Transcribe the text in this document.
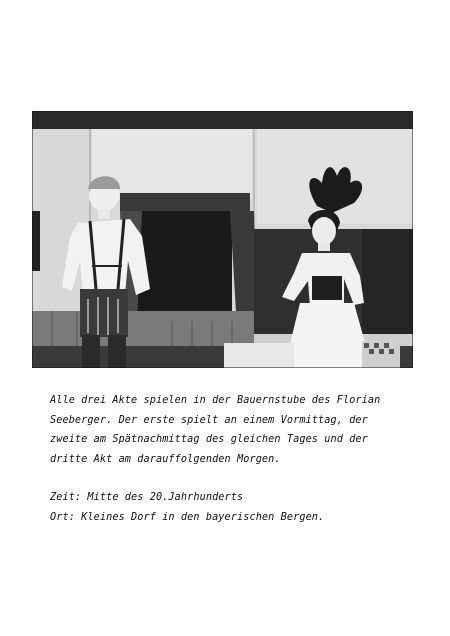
Alle drei Akte spielen in der Bauernstube des Florian

Seeberger. Der erste spielt an einem Vormittag, der

zweite am Spätnachmittag des gleichen Tages und der

dritte Akt am darauffolgenden Morgen.

Zeit: Mitte des 20.Jahrhunderts

Ort: Kleines Dorf in den bayerischen Bergen.
